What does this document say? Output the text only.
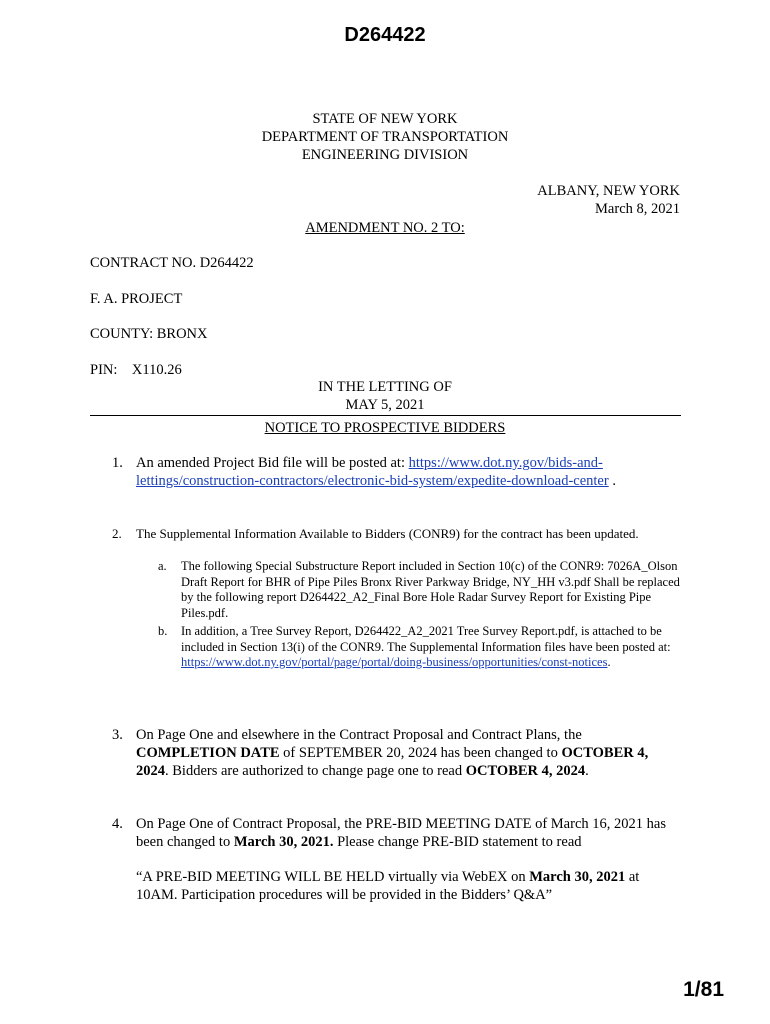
D264422
STATE OF NEW YORK
DEPARTMENT OF TRANSPORTATION
ENGINEERING DIVISION
ALBANY, NEW YORK
March 8, 2021
AMENDMENT NO. 2 TO:
CONTRACT NO. D264422
F. A. PROJECT
COUNTY: BRONX
PIN:    X110.26
IN THE LETTING OF
MAY 5, 2021
NOTICE TO PROSPECTIVE BIDDERS
1. An amended Project Bid file will be posted at: https://www.dot.ny.gov/bids-and-lettings/construction-contractors/electronic-bid-system/expedite-download-center .
2. The Supplemental Information Available to Bidders (CONR9) for the contract has been updated.
a. The following Special Substructure Report included in Section 10(c) of the CONR9: 7026A_Olson Draft Report for BHR of Pipe Piles Bronx River Parkway Bridge, NY_HH v3.pdf Shall be replaced by the following report D264422_A2_Final Bore Hole Radar Survey Report for Existing Pipe Piles.pdf.
b. In addition, a Tree Survey Report, D264422_A2_2021 Tree Survey Report.pdf, is attached to be included in Section 13(i) of the CONR9. The Supplemental Information files have been posted at: https://www.dot.ny.gov/portal/page/portal/doing-business/opportunities/const-notices.
3. On Page One and elsewhere in the Contract Proposal and Contract Plans, the COMPLETION DATE of SEPTEMBER 20, 2024 has been changed to OCTOBER 4, 2024. Bidders are authorized to change page one to read OCTOBER 4, 2024.
4. On Page One of Contract Proposal, the PRE-BID MEETING DATE of March 16, 2021 has been changed to March 30, 2021. Please change PRE-BID statement to read
“A PRE-BID MEETING WILL BE HELD virtually via WebEX on March 30, 2021 at 10AM. Participation procedures will be provided in the Bidders’ Q&A”
1/81
